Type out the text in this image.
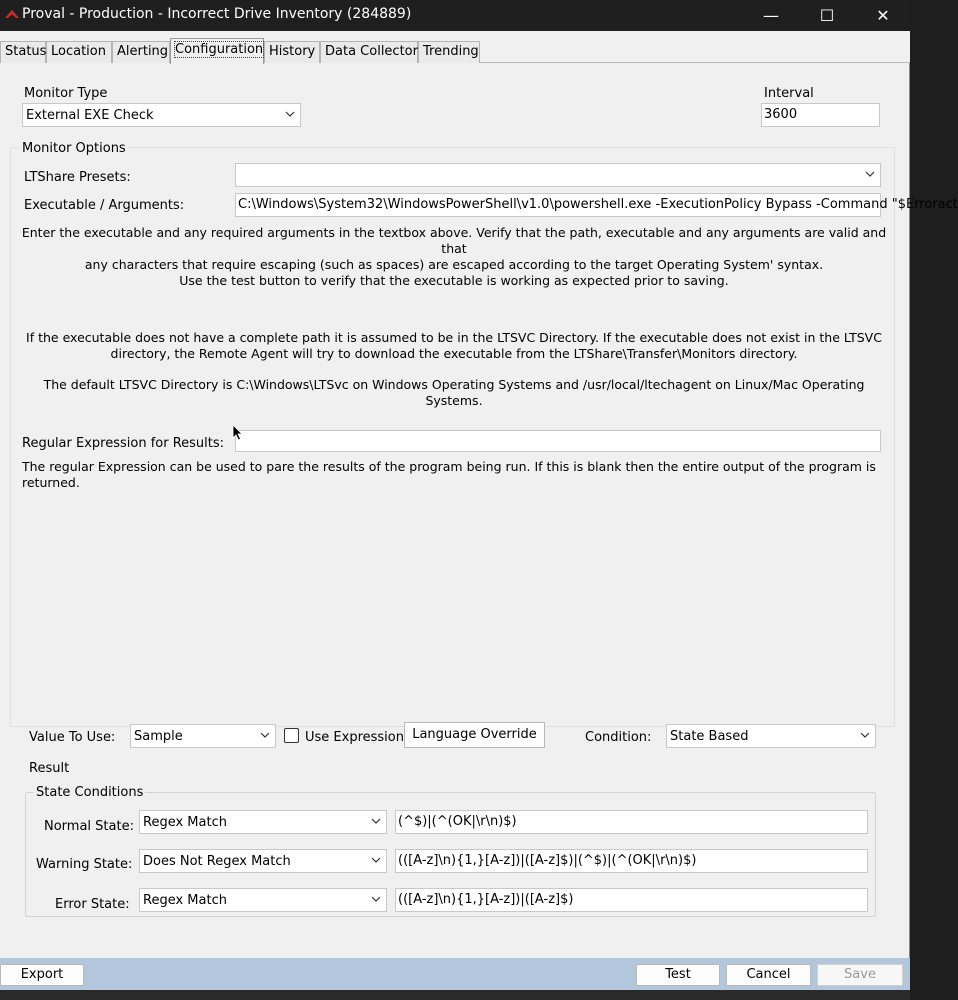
Proval - Production - Incorrect Drive Inventory (284889)	—	☐	✕
Status Location Alerting Configuration History Data Collector Trending
Monitor Type
External EXE Check
Interval
3600
Monitor Options
LTShare Presets:
Executable / Arguments:	C:\Windows\System32\WindowsPowerShell\v1.0\powershell.exe -ExecutionPolicy Bypass -Command "$Erroract
Enter the executable and any required arguments in the textbox above. Verify that the path, executable and any arguments are valid and that
any characters that require escaping (such as spaces) are escaped according to the target Operating System' syntax.
Use the test button to verify that the executable is working as expected prior to saving.
If the executable does not have a complete path it is assumed to be in the LTSVC Directory. If the executable does not exist in the LTSVC
directory, the Remote Agent will try to download the executable from the LTShare\Transfer\Monitors directory.
The default LTSVC Directory is C:\Windows\LTSvc on Windows Operating Systems and /usr/local/ltechagent on Linux/Mac Operating Systems.
Regular Expression for Results:
The regular Expression can be used to pare the results of the program being run. If this is blank then the entire output of the program is returned.
Value To Use:	Sample	Use Expression Language Override	Condition:	State Based
Result
State Conditions
Normal State: Regex Match	(^$)|(^(OK|\r\n)$)
Warning State: Does Not Regex Match	(([A-z]\n){1,}[A-z])|([A-z]$)|(^$)|(^(OK|\r\n)$)
Error State:	Regex Match	(([A-z]\n){1,}[A-z])|([A-z]$)
Export	Test	Cancel	Save
